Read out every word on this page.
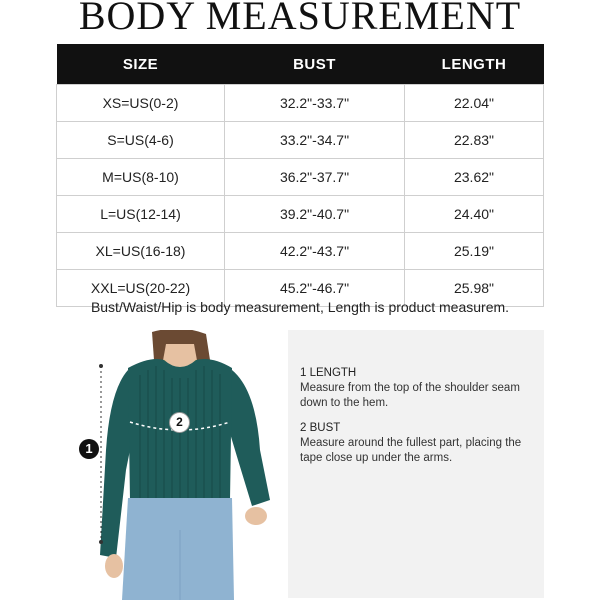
BODY MEASUREMENT
SIZE	BUST	LENGTH
XS=US(0-2)	32.2"-33.7"	22.04"
S=US(4-6)	33.2"-34.7"	22.83"
M=US(8-10)	36.2"-37.7"	23.62"
L=US(12-14)	39.2"-40.7"	24.40"
XL=US(16-18)	42.2"-43.7"	25.19"
XXL=US(20-22)	45.2"-46.7"	25.98"
Bust/Waist/Hip is body measurement, Length is product measurem.
1
2
1 LENGTH
Measure from the top of the shoulder seam down to the hem.
2 BUST
Measure around the fullest part, placing the tape close up under the arms.
